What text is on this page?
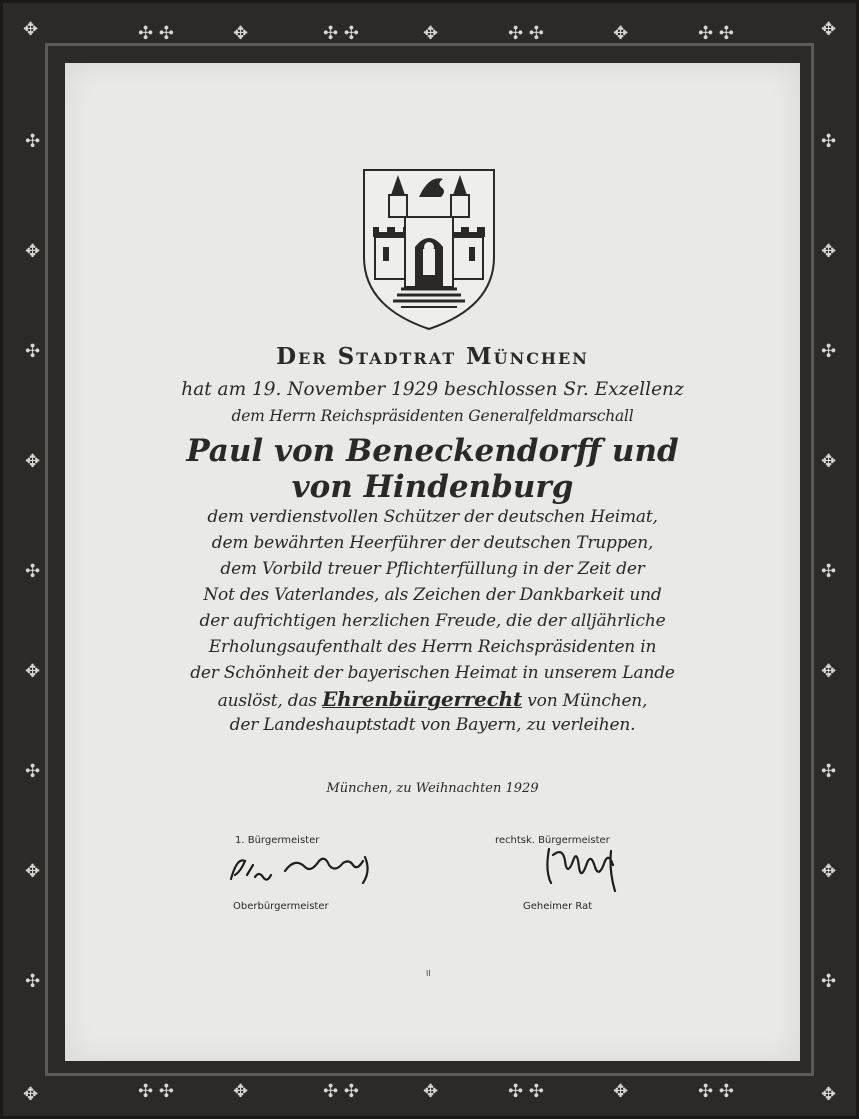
✥	✣ ✣	✥	✣ ✣	✥	✣ ✣	✥	✣ ✣	✥
✥	✣ ✣	✥	✣ ✣	✥	✣ ✣	✥	✣ ✣	✥
✣
✥
✣
✥
✣
✥
✣
✥
✣
✣
✥
✣
✥
✣
✥
✣
✥
✣
Der Stadtrat München
hat am 19. November 1929 beschlossen Sr. Exzellenz
dem Herrn Reichspräsidenten Generalfeldmarschall
Paul von Beneckendorff und
von Hindenburg
dem verdienstvollen Schützer der deutschen Heimat,
dem bewährten Heerführer der deutschen Truppen,
dem Vorbild treuer Pflichterfüllung in der Zeit der
Not des Vaterlandes, als Zeichen der Dankbarkeit und
der aufrichtigen herzlichen Freude, die der alljährliche
Erholungsaufenthalt des Herrn Reichspräsidenten in
der Schönheit der bayerischen Heimat in unserem Lande
auslöst, das Ehrenbürgerrecht von München,
der Landeshauptstadt von Bayern, zu verleihen.
München, zu Weihnachten 1929
1. Bürgermeister
Oberbürgermeister
rechtsk. Bürgermeister
Geheimer Rat
II
